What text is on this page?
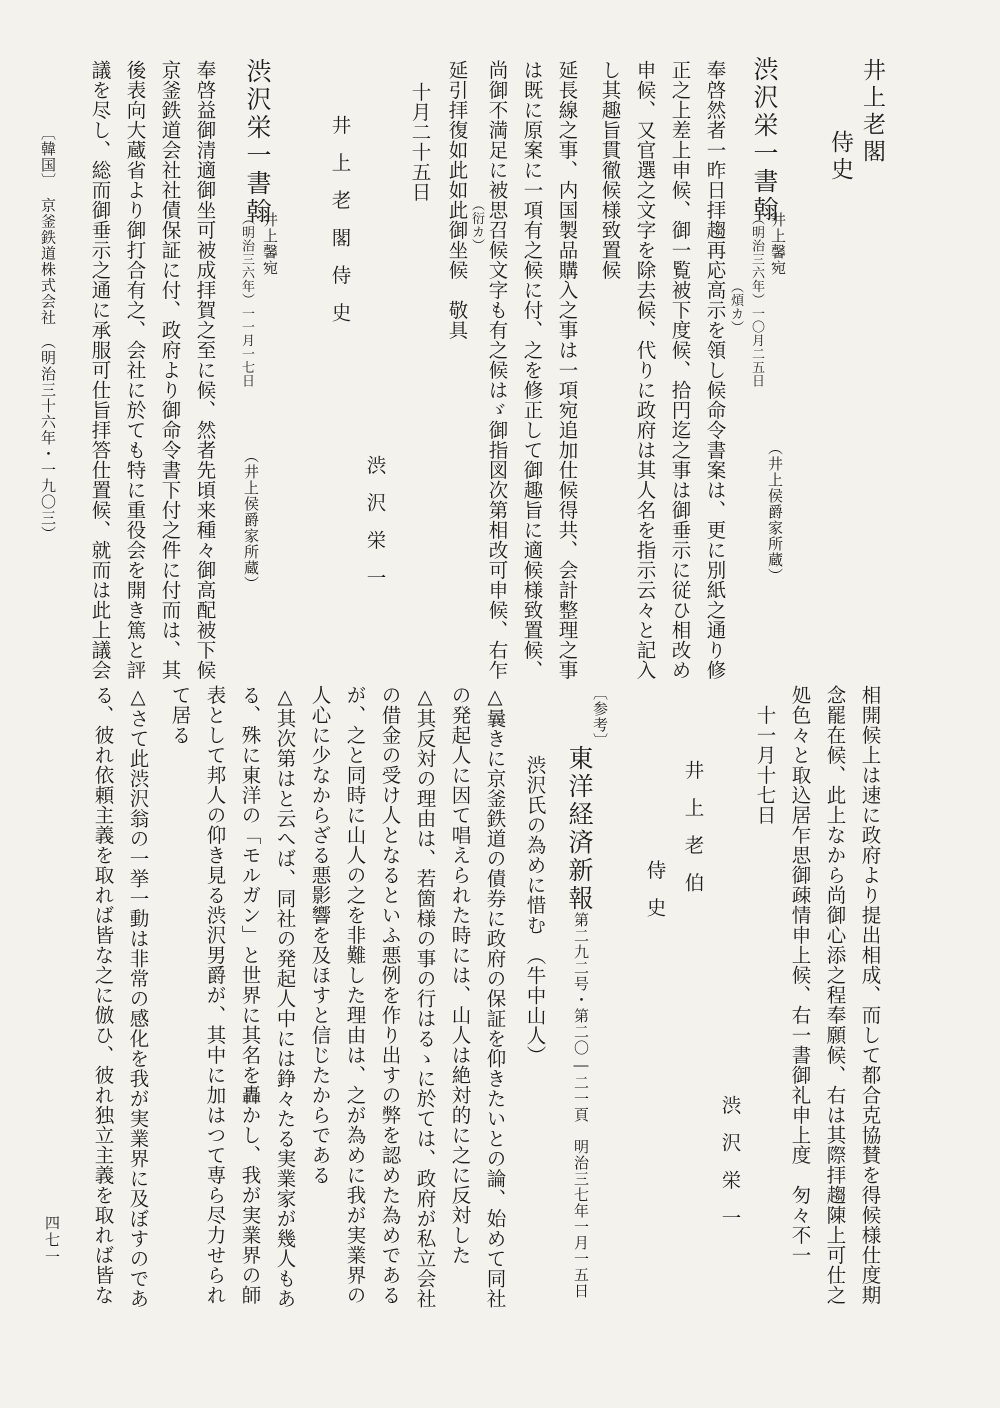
井上老閣
侍史
（井上侯爵家所蔵）
渋沢栄一書翰
井上馨宛
（明治三六年）一〇月二五日
（煩カ）
奉啓然者一昨日拝趨再応高示を領し候命令書案は、更に別紙之通り修
正之上差上申候、御一覧被下度候、拾円迄之事は御垂示に従ひ相改め
申候、又官選之文字を除去候、代りに政府は其人名を指示云々と記入
し其趣旨貫徹候様致置候
延長線之事、内国製品購入之事は一項宛追加仕候得共、会計整理之事
は既に原案に一項有之候に付、之を修正して御趣旨に適候様致置候、
尚御不満足に被思召候文字も有之候はゞ御指図次第相改可申候、右乍
（衍カ）
延引拝復如此如此御坐候　敬具
十月二十五日
渋沢栄一
井上老閣侍史
渋沢栄一書翰
井上馨宛
（明治三六年）一一月一七日
（井上侯爵家所蔵）
奉啓益御清適御坐可被成拝賀之至に候、然者先頃来種々御高配被下候
京釜鉄道会社社債保証に付、政府より御命令書下付之件に付而は、其
後表向大蔵省より御打合有之、会社に於ても特に重役会を開き篤と評
議を尽し、総而御垂示之通に承服可仕旨拝答仕置候、就而は此上議会
〔韓国〕　京釜鉄道株式会社　（明治三十六年・一九〇三）
相開候上は速に政府より提出相成、而して都合克協賛を得候様仕度期
念罷在候、此上なから尚御心添之程奉願候、右は其際拝趨陳上可仕之
処色々と取込居乍思御疎情申上候、右一書御礼申上度　匇々不一
十一月十七日
渋沢栄一
井上老伯
侍史
〔参考〕
東洋経済新報
第二九二号・第二〇―二一頁　明治三七年一月一五日
渋沢氏の為めに惜む　（牛中山人）
△曩きに京釜鉄道の債券に政府の保証を仰きたいとの論、始めて同社
の発起人に因て唱えられた時には、山人は絶対的に之に反対した
△其反対の理由は、若箇様の事の行はるゝに於ては、政府が私立会社
の借金の受け人となるといふ悪例を作り出すの弊を認めた為めである
が、之と同時に山人の之を非難した理由は、之が為めに我が実業界の
人心に少なからざる悪影響を及ほすと信じたからである
△其次第はと云へば、同社の発起人中には錚々たる実業家が幾人もあ
る、殊に東洋の「モルガン」と世界に其名を轟かし、我が実業界の師
表として邦人の仰き見る渋沢男爵が、其中に加はつて専ら尽力せられ
て居る
△さて此渋沢翁の一挙一動は非常の感化を我が実業界に及ぼすのであ
る、彼れ依頼主義を取れば皆な之に倣ひ、彼れ独立主義を取れば皆な
四七一
